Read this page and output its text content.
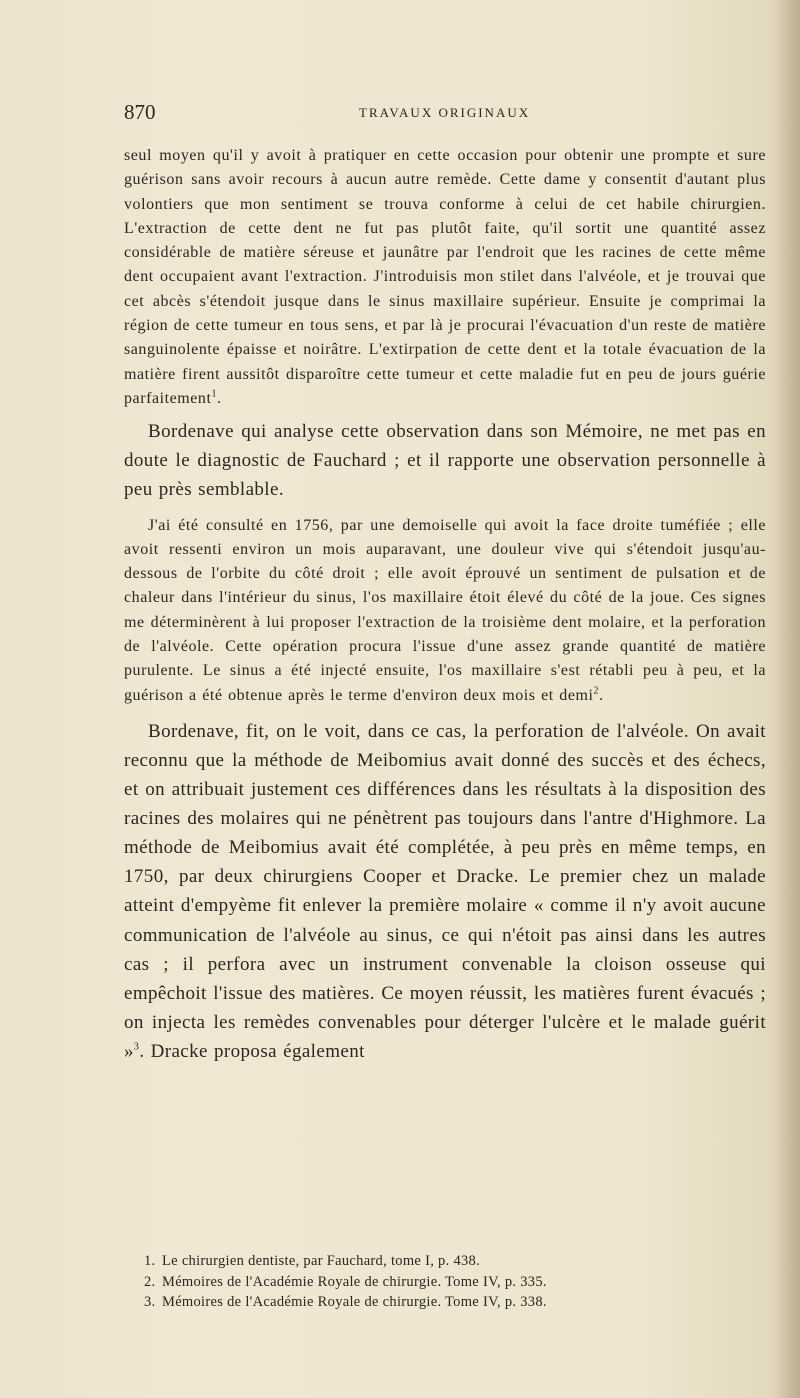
870	TRAVAUX ORIGINAUX

seul moyen qu'il y avoit à pratiquer en cette occasion pour obtenir une prompte et sure guérison sans avoir recours à aucun autre remède. Cette dame y consentit d'autant plus volontiers que mon sentiment se trouva conforme à celui de cet habile chirurgien. L'extraction de cette dent ne fut pas plutôt faite, qu'il sortit une quantité assez considérable de matière séreuse et jaunâtre par l'endroit que les racines de cette même dent occupaient avant l'extraction. J'introduisis mon stilet dans l'alvéole, et je trouvai que cet abcès s'étendoit jusque dans le sinus maxillaire supérieur. Ensuite je comprimai la région de cette tumeur en tous sens, et par là je procurai l'évacuation d'un reste de matière sanguinolente épaisse et noirâtre. L'extirpation de cette dent et la totale évacuation de la matière firent aussitôt disparoître cette tumeur et cette maladie fut en peu de jours guérie parfaitement$^1$.

Bordenave qui analyse cette observation dans son Mémoire, ne met pas en doute le diagnostic de Fauchard ; et il rapporte une observation personnelle à peu près semblable.

J'ai été consulté en 1756, par une demoiselle qui avoit la face droite tuméfiée ; elle avoit ressenti environ un mois auparavant, une douleur vive qui s'étendoit jusqu'au-dessous de l'orbite du côté droit ; elle avoit éprouvé un sentiment de pulsation et de chaleur dans l'intérieur du sinus, l'os maxillaire étoit élevé du côté de la joue. Ces signes me déterminèrent à lui proposer l'extraction de la troisième dent molaire, et la perforation de l'alvéole. Cette opération procura l'issue d'une assez grande quantité de matière purulente. Le sinus a été injecté ensuite, l'os maxillaire s'est rétabli peu à peu, et la guérison a été obtenue après le terme d'environ deux mois et demi$^2$.

Bordenave, fit, on le voit, dans ce cas, la perforation de l'alvéole. On avait reconnu que la méthode de Meibomius avait donné des succès et des échecs, et on attribuait justement ces différences dans les résultats à la disposition des racines des molaires qui ne pénètrent pas toujours dans l'antre d'Highmore. La méthode de Meibomius avait été complétée, à peu près en même temps, en 1750, par deux chirurgiens Cooper et Dracke. Le premier chez un malade atteint d'empyème fit enlever la première molaire « comme il n'y avoit aucune communication de l'alvéole au sinus, ce qui n'étoit pas ainsi dans les autres cas ; il perfora avec un instrument convenable la cloison osseuse qui empêchoit l'issue des matières. Ce moyen réussit, les matières furent évacués ; on injecta les remèdes convenables pour déterger l'ulcère et le malade guérit »$^3$. Dracke proposa également

1. Le chirurgien dentiste, par Fauchard, tome I, p. 438.
2. Mémoires de l'Académie Royale de chirurgie. Tome IV, p. 335.
3. Mémoires de l'Académie Royale de chirurgie. Tome IV, p. 338.
